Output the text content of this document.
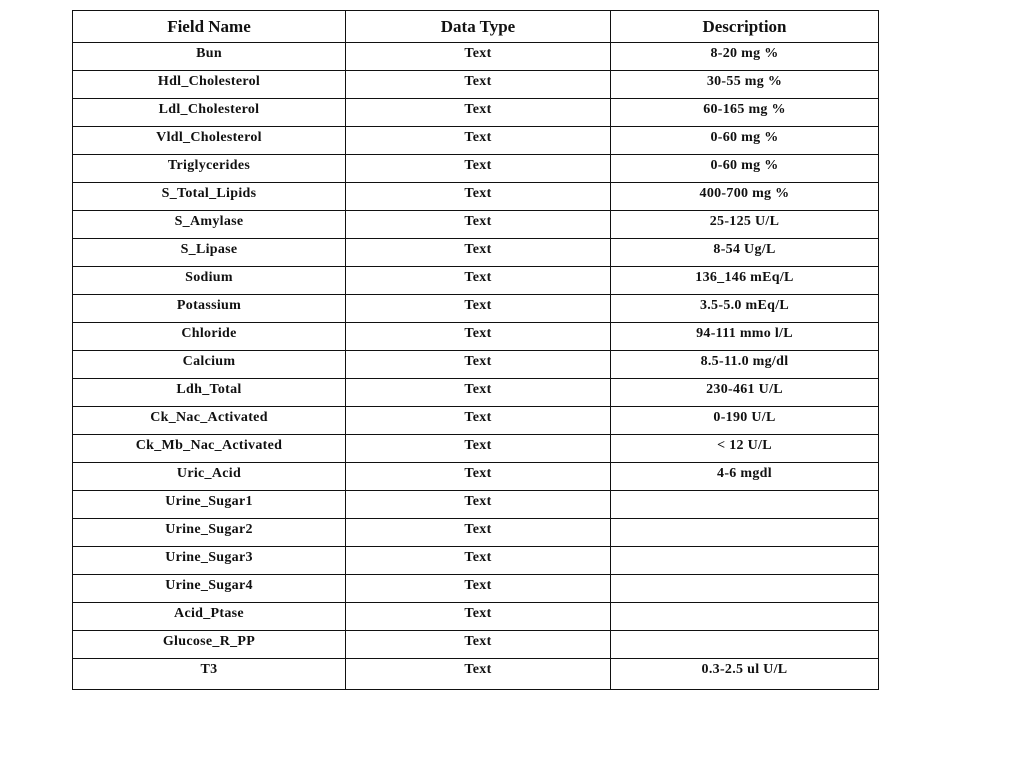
Field Name	Data Type	Description
Bun	Text	8-20 mg %
Hdl_Cholesterol	Text	30-55 mg %
Ldl_Cholesterol	Text	60-165 mg %
Vldl_Cholesterol	Text	0-60 mg %
Triglycerides	Text	0-60 mg %
S_Total_Lipids	Text	400-700 mg %
S_Amylase	Text	25-125 U/L
S_Lipase	Text	8-54 Ug/L
Sodium	Text	136_146 mEq/L
Potassium	Text	3.5-5.0 mEq/L
Chloride	Text	94-111 mmo l/L
Calcium	Text	8.5-11.0 mg/dl
Ldh_Total	Text	230-461 U/L
Ck_Nac_Activated	Text	0-190 U/L
Ck_Mb_Nac_Activated	Text	< 12 U/L
Uric_Acid	Text	4-6 mgdl
Urine_Sugar1	Text	
Urine_Sugar2	Text	
Urine_Sugar3	Text	
Urine_Sugar4	Text	
Acid_Ptase	Text	
Glucose_R_PP	Text	
T3	Text	0.3-2.5 ul U/L
